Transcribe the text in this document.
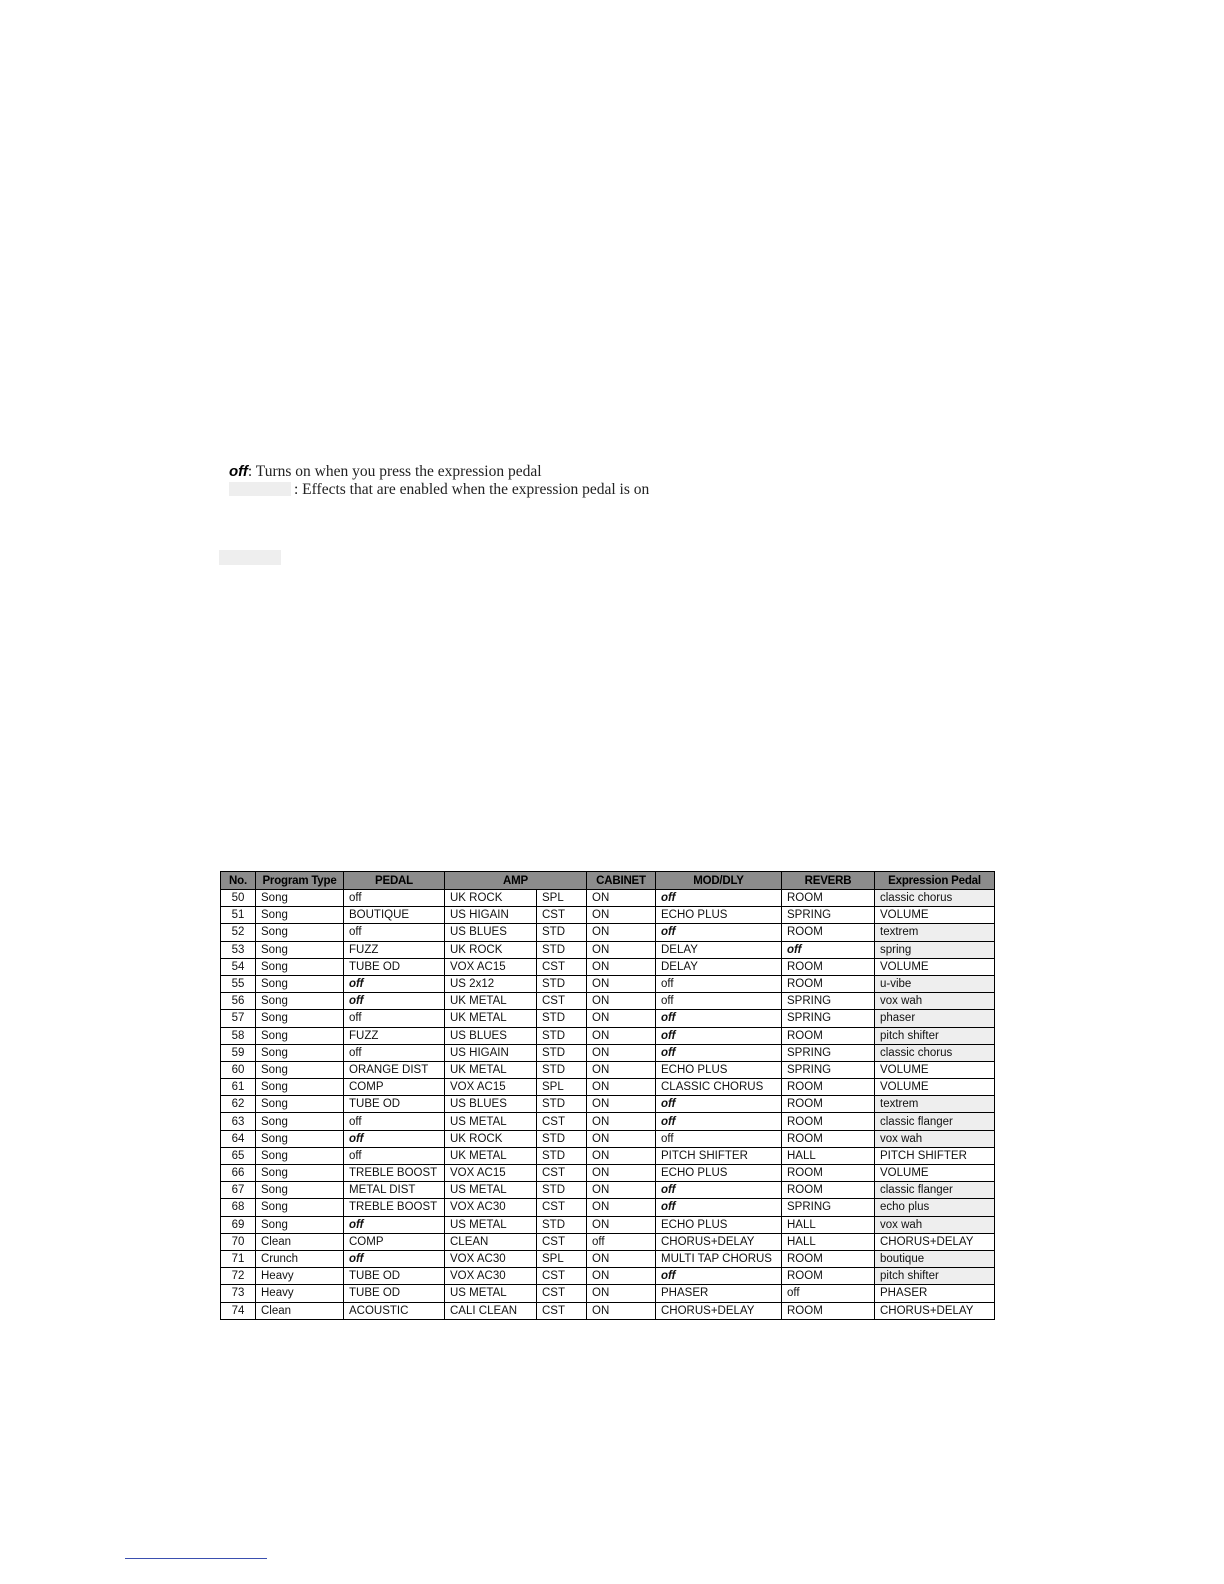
off: Turns on when you press the expression pedal
: Effects that are enabled when the expression pedal is on
No.	Program Type	PEDAL	AMP		CABINET	MOD/DLY	REVERB	Expression Pedal
50	Song	off	UK ROCK	SPL	ON	off	ROOM	classic chorus
51	Song	BOUTIQUE	US HIGAIN	CST	ON	ECHO PLUS	SPRING	VOLUME
52	Song	off	US BLUES	STD	ON	off	ROOM	textrem
53	Song	FUZZ	UK ROCK	STD	ON	DELAY	off	spring
54	Song	TUBE OD	VOX AC15	CST	ON	DELAY	ROOM	VOLUME
55	Song	off	US 2x12	STD	ON	off	ROOM	u-vibe
56	Song	off	UK METAL	CST	ON	off	SPRING	vox wah
57	Song	off	UK METAL	STD	ON	off	SPRING	phaser
58	Song	FUZZ	US BLUES	STD	ON	off	ROOM	pitch shifter
59	Song	off	US HIGAIN	STD	ON	off	SPRING	classic chorus
60	Song	ORANGE DIST	UK METAL	STD	ON	ECHO PLUS	SPRING	VOLUME
61	Song	COMP	VOX AC15	SPL	ON	CLASSIC CHORUS	ROOM	VOLUME
62	Song	TUBE OD	US BLUES	STD	ON	off	ROOM	textrem
63	Song	off	US METAL	CST	ON	off	ROOM	classic flanger
64	Song	off	UK ROCK	STD	ON	off	ROOM	vox wah
65	Song	off	UK METAL	STD	ON	PITCH SHIFTER	HALL	PITCH SHIFTER
66	Song	TREBLE BOOST	VOX AC15	CST	ON	ECHO PLUS	ROOM	VOLUME
67	Song	METAL DIST	US METAL	STD	ON	off	ROOM	classic flanger
68	Song	TREBLE BOOST	VOX AC30	CST	ON	off	SPRING	echo plus
69	Song	off	US METAL	STD	ON	ECHO PLUS	HALL	vox wah
70	Clean	COMP	CLEAN	CST	off	CHORUS+DELAY	HALL	CHORUS+DELAY
71	Crunch	off	VOX AC30	SPL	ON	MULTI TAP CHORUS	ROOM	boutique
72	Heavy	TUBE OD	VOX AC30	CST	ON	off	ROOM	pitch shifter
73	Heavy	TUBE OD	US METAL	CST	ON	PHASER	off	PHASER
74	Clean	ACOUSTIC	CALI CLEAN	CST	ON	CHORUS+DELAY	ROOM	CHORUS+DELAY
